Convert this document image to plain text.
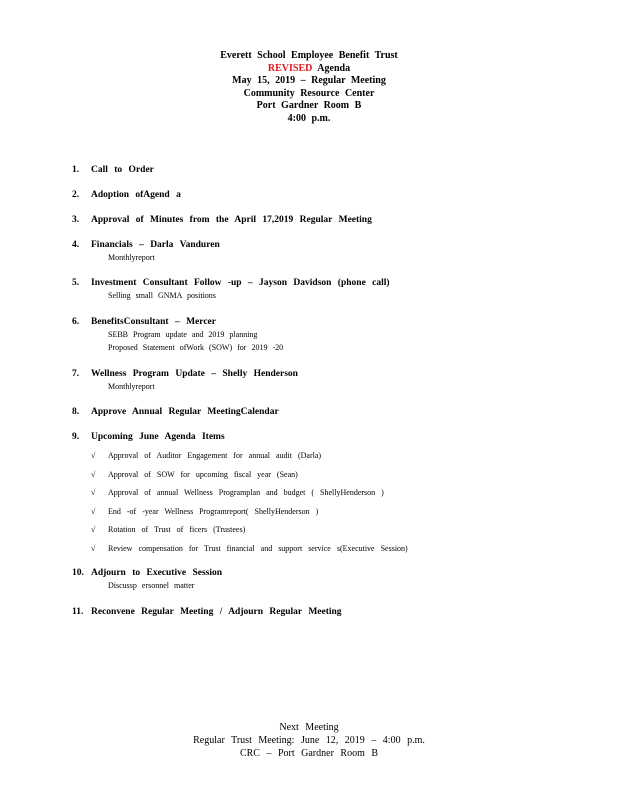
Everett School Employee Benefit Trust
REVISED Agenda
May 15, 2019 – Regular Meeting
Community Resource Center
Port Gardner Room B
4:00 p.m.
1. Call to Order
2. Adoption ofAgend a
3. Approval of Minutes from the April 17,2019 Regular Meeting
4. Financials – Darla Vanduren
Monthlyreport
5. Investment Consultant Follow -up – Jayson Davidson (phone call)
Selling small GNMA positions
6. BenefitsConsultant – Mercer
SEBB Program update and 2019 planning
Proposed Statement ofWork (SOW) for 2019 -20
7. Wellness Program Update – Shelly Henderson
Monthlyreport
8. Approve Annual Regular MeetingCalendar
9. Upcoming June Agenda Items
√ Approval of Auditor Engagement for annual audit (Darla)
√ Approval of SOW for upcoming fiscal year (Sean)
√ Approval of annual Wellness Programplan and budget ( ShellyHenderson )
√ End -of -year Wellness Programreport( ShellyHenderson )
√ Rotation of Trust of ficers (Trustees)
√ Review compensation for Trust financial and support service s(Executive Session)
10. Adjourn to Executive Session
Discussp ersonnel matter
11. Reconvene Regular Meeting / Adjourn Regular Meeting
Next Meeting
Regular Trust Meeting: June 12, 2019 – 4:00 p.m.
CRC – Port Gardner Room B
